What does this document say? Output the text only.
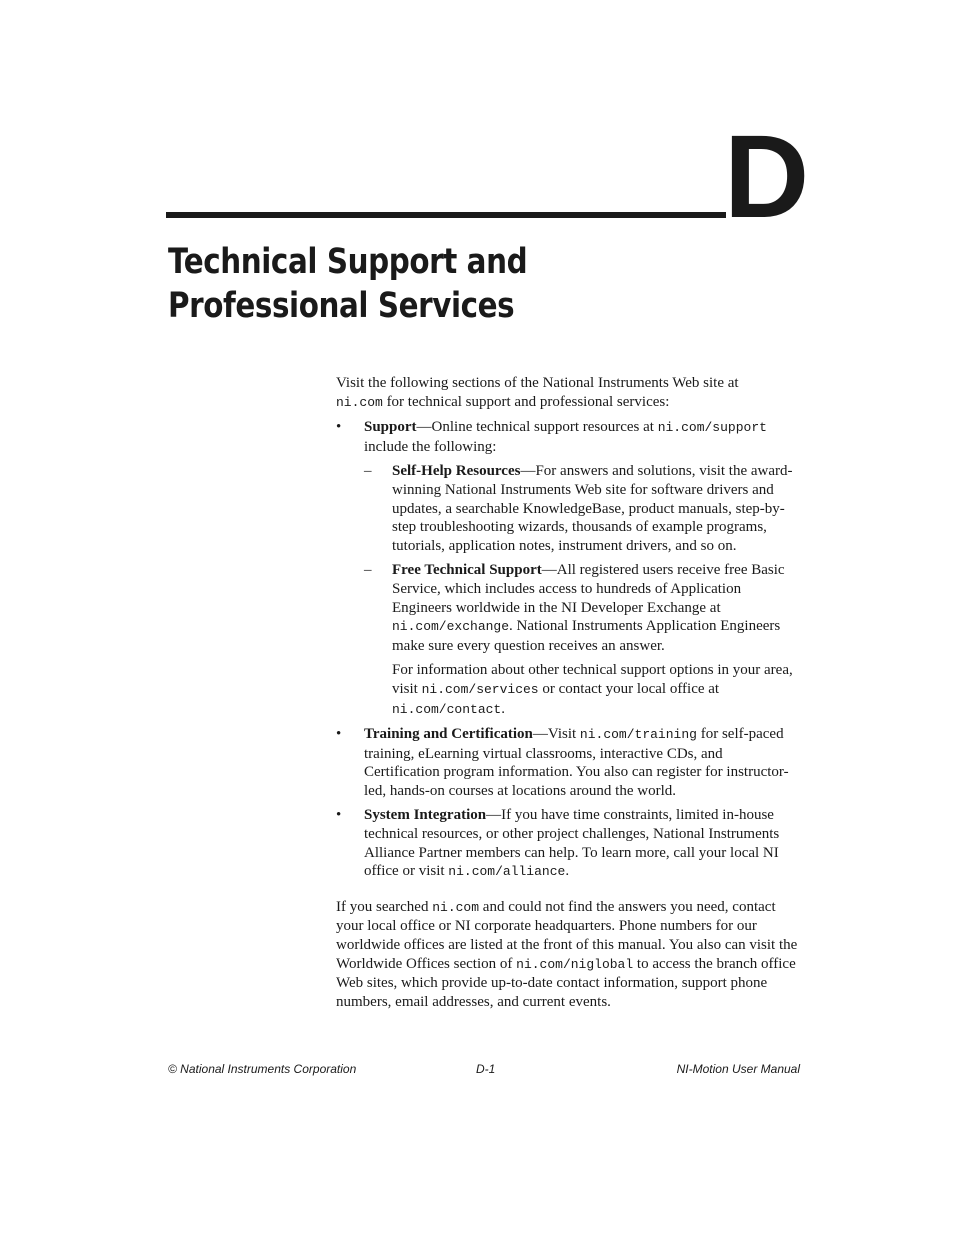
D
Technical Support and
Professional Services

Visit the following sections of the National Instruments Web site at
ni.com for technical support and professional services:

• Support—Online technical support resources at ni.com/support
include the following:

– Self-Help Resources—For answers and solutions, visit the award-winning National Instruments Web site for software drivers and updates, a searchable KnowledgeBase, product manuals, step-by-step troubleshooting wizards, thousands of example programs, tutorials, application notes, instrument drivers, and so on.

– Free Technical Support—All registered users receive free Basic Service, which includes access to hundreds of Application Engineers worldwide in the NI Developer Exchange at ni.com/exchange. National Instruments Application Engineers make sure every question receives an answer.

For information about other technical support options in your area, visit ni.com/services or contact your local office at ni.com/contact.

• Training and Certification—Visit ni.com/training for self-paced training, eLearning virtual classrooms, interactive CDs, and Certification program information. You also can register for instructor-led, hands-on courses at locations around the world.

• System Integration—If you have time constraints, limited in-house technical resources, or other project challenges, National Instruments Alliance Partner members can help. To learn more, call your local NI office or visit ni.com/alliance.

If you searched ni.com and could not find the answers you need, contact your local office or NI corporate headquarters. Phone numbers for our worldwide offices are listed at the front of this manual. You also can visit the Worldwide Offices section of ni.com/niglobal to access the branch office Web sites, which provide up-to-date contact information, support phone numbers, email addresses, and current events.

© National Instruments Corporation	D-1	NI-Motion User Manual
